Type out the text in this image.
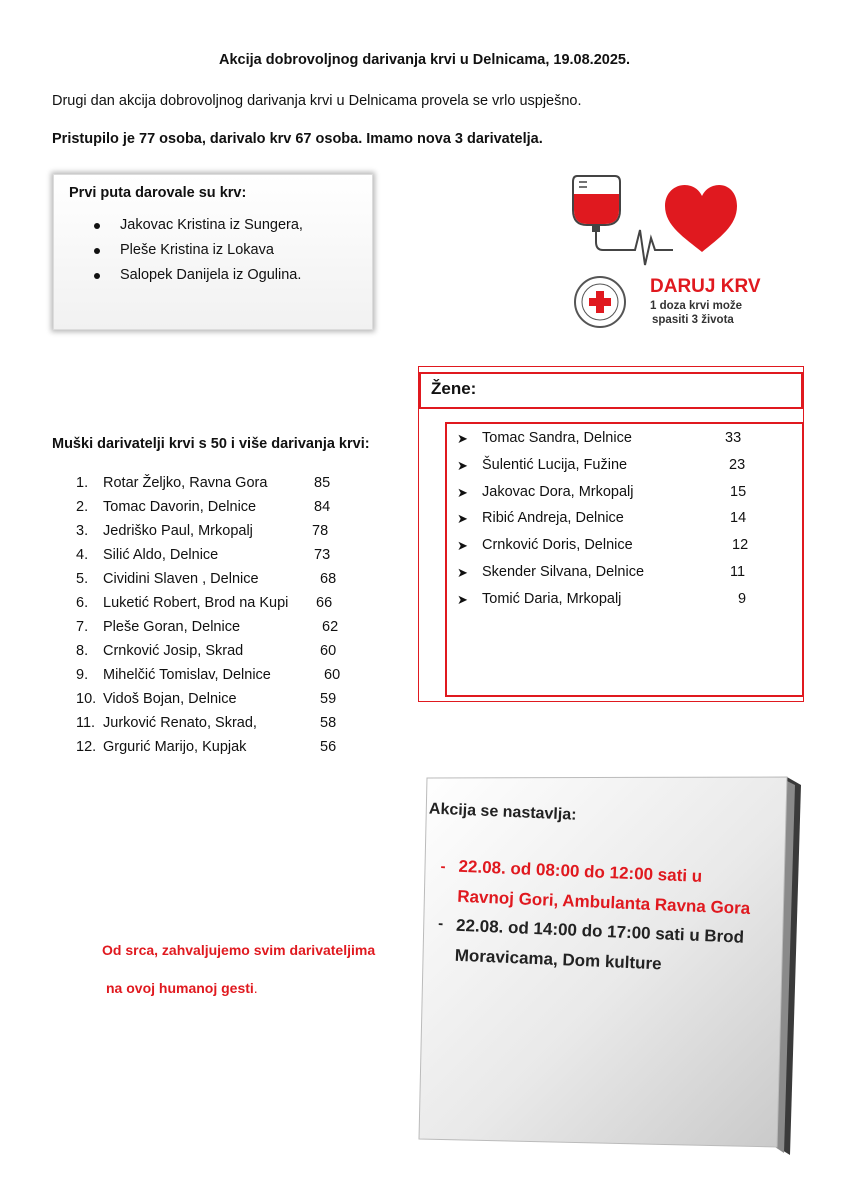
Akcija dobrovoljnog darivanja krvi u Delnicama, 19.08.2025.
Drugi dan akcija dobrovoljnog darivanja krvi u Delnicama provela se vrlo uspješno.
Pristupilo je 77 osoba, darivalo krv 67 osoba. Imamo nova 3 darivatelja.
Prvi puta darovale su krv:
Jakovac Kristina iz Sungera,
Pleše Kristina iz Lokava
Salopek Danijela iz Ogulina.
DARUJ KRV
1 doza krvi može
spasiti 3 života
Muški darivatelji krvi s 50 i više darivanja krvi:
1.	Rotar Željko, Ravna Gora	85
2.	Tomac Davorin, Delnice	84
3.	Jedriško Paul, Mrkopalj	78
4.	Silić Aldo, Delnice	73
5.	Cividini Slaven , Delnice	68
6.	Luketić Robert, Brod na Kupi 66
7.	Pleše Goran, Delnice	62
8.	Crnković Josip, Skrad	60
9.	Mihelčić Tomislav, Delnice	60
10. Vidoš Bojan, Delnice	59
11. Jurković Renato, Skrad,	58
12. Grgurić Marijo, Kupjak	56
Žene:
➤ Tomac Sandra, Delnice	33
➤ Šulentić Lucija, Fužine	23
➤ Jakovac Dora, Mrkopalj	15
➤ Ribić Andreja, Delnice	14
➤ Crnković Doris, Delnice	12
➤ Skender Silvana, Delnice	11
➤ Tomić Daria, Mrkopalj	9
Akcija se nastavlja:
- 22.08. od 08:00 do 12:00 sati u
Ravnoj Gori, Ambulanta Ravna Gora
- 22.08. od 14:00 do 17:00 sati u Brod
Moravicama, Dom kulture
Od srca, zahvaljujemo svim darivateljima
na ovoj humanoj gesti.
